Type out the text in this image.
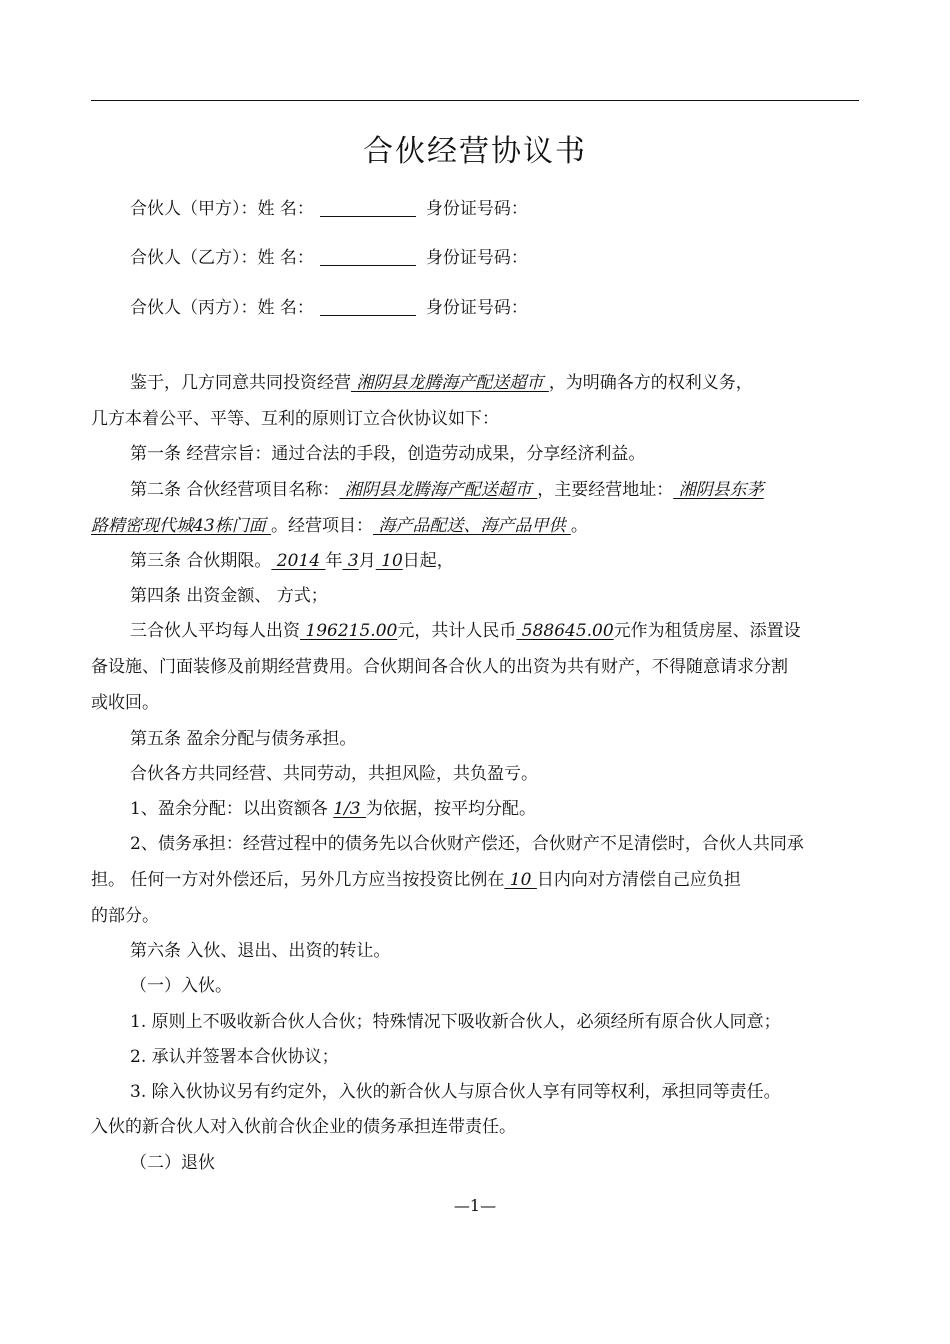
合伙经营协议书
合伙人（甲方）：姓 名：	身份证号码：
合伙人（乙方）：姓 名：	身份证号码：
合伙人（丙方）：姓 名：	身份证号码：
鉴于，几方同意共同投资经营 湘阴县龙腾海产配送超市 ，为明确各方的权利义务，
几方本着公平、平等、互利的原则订立合伙协议如下：
第一条 经营宗旨：通过合法的手段，创造劳动成果，分享经济利益。
第二条 合伙经营项目名称： 湘阴县龙腾海产配送超市 ，主要经营地址： 湘阴县东茅
路精密现代城43栋门面 。经营项目： 海产品配送、海产品甲供 。
第三条 合伙期限。 2014 年 3月 10日起，
第四条 出资金额、 方式；
三合伙人平均每人出资 196215.00元，共计人民币 588645.00元作为租赁房屋、添置设
备设施、门面装修及前期经营费用。合伙期间各合伙人的出资为共有财产，不得随意请求分割
或收回。
第五条 盈余分配与债务承担。
合伙各方共同经营、共同劳动，共担风险，共负盈亏。
1、盈余分配：以出资额各 1/3 为依据，按平均分配。
2、债务承担：经营过程中的债务先以合伙财产偿还，合伙财产不足清偿时，合伙人共同承
担。 任何一方对外偿还后，另外几方应当按投资比例在 10 日内向对方清偿自己应负担
的部分。
第六条 入伙、退出、出资的转让。
（一）入伙。
1. 原则上不吸收新合伙人合伙；特殊情况下吸收新合伙人，必须经所有原合伙人同意；
2. 承认并签署本合伙协议；
3. 除入伙协议另有约定外，入伙的新合伙人与原合伙人享有同等权利，承担同等责任。
入伙的新合伙人对入伙前合伙企业的债务承担连带责任。
（二）退伙
—1—
